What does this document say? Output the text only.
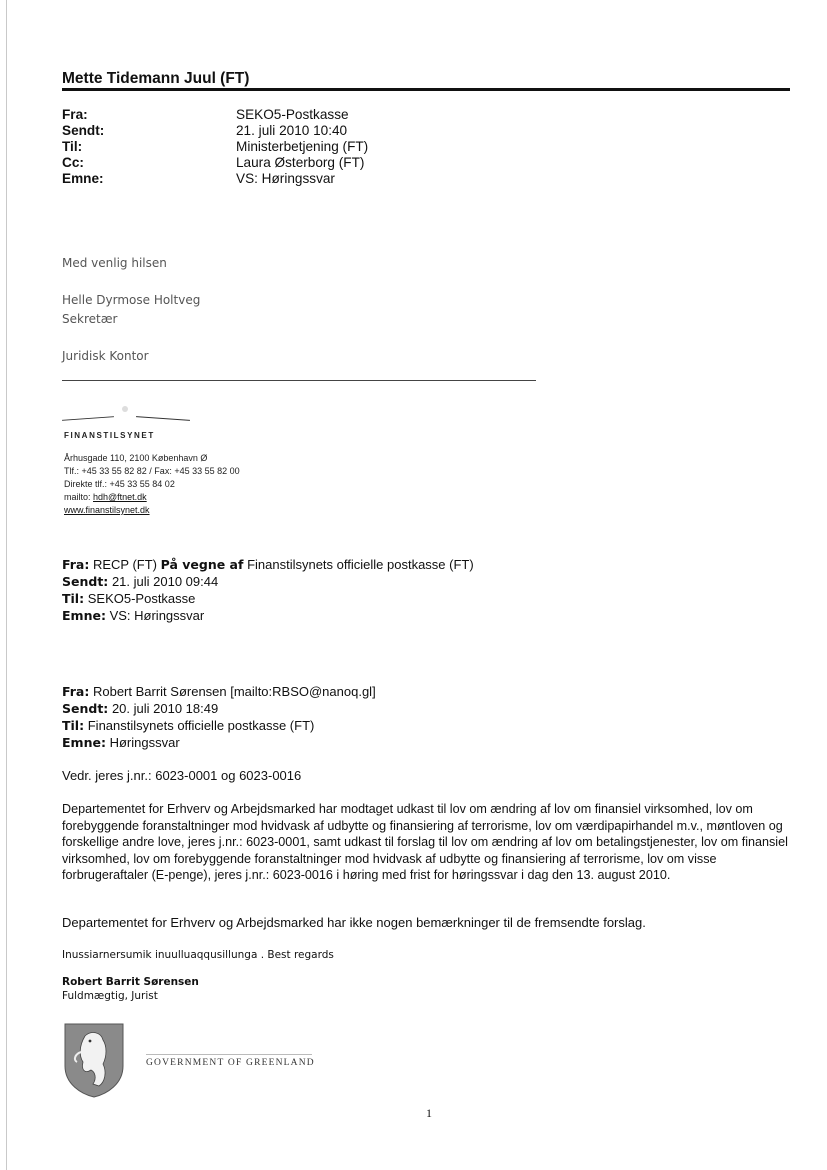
Mette Tidemann Juul (FT)
Fra:	SEKO5-Postkasse
Sendt:	21. juli 2010 10:40
Til:	Ministerbetjening (FT)
Cc:	Laura Østerborg (FT)
Emne:	VS: Høringssvar
Med venlig hilsen
Helle Dyrmose Holtveg
Sekretær
Juridisk Kontor
FINANSTILSYNET
Århusgade 110, 2100 København Ø
Tlf.: +45 33 55 82 82 / Fax: +45 33 55 82 00
Direkte tlf.: +45 33 55 84 02
mailto: hdh@ftnet.dk
www.finanstilsynet.dk
Fra: RECP (FT) På vegne af Finanstilsynets officielle postkasse (FT)
Sendt: 21. juli 2010 09:44
Til: SEKO5-Postkasse
Emne: VS: Høringssvar
Fra: Robert Barrit Sørensen [mailto:RBSO@nanoq.gl]
Sendt: 20. juli 2010 18:49
Til: Finanstilsynets officielle postkasse (FT)
Emne: Høringssvar
Vedr. jeres j.nr.: 6023-0001 og 6023-0016
Departementet for Erhverv og Arbejdsmarked har modtaget udkast til lov om ændring af lov om finansiel virksomhed, lov om forebyggende foranstaltninger mod hvidvask af udbytte og finansiering af terrorisme, lov om værdipapirhandel m.v., møntloven og forskellige andre love, jeres j.nr.: 6023-0001, samt udkast til forslag til lov om ændring af lov om betalingstjenester, lov om finansiel virksomhed, lov om forebyggende foranstaltninger mod hvidvask af udbytte og finansiering af terrorisme, lov om visse forbrugeraftaler (E-penge), jeres j.nr.: 6023-0016 i høring med frist for høringssvar i dag den 13. august 2010.
Departementet for Erhverv og Arbejdsmarked har ikke nogen bemærkninger til de fremsendte forslag.
Inussiarnersumik inuulluaqqusillunga . Best regards
Robert Barrit Sørensen
Fuldmægtig, Jurist
GOVERNMENT OF GREENLAND
1
